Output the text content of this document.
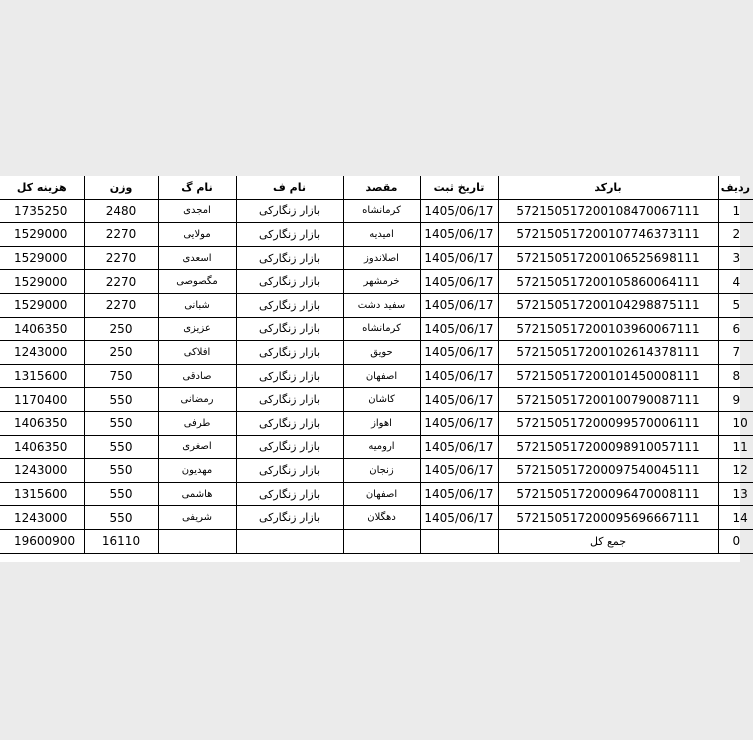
ردیف	بارکد	تاریخ ثبت	مقصد	نام ف	نام گ	وزن	هزینه کل
1	572150517200108470067111	1405/06/17	کرمانشاه	بازار زنگارکی	امجدی	2480	1735250
2	572150517200107746373111	1405/06/17	امیدیه	بازار زنگارکی	مولایی	2270	1529000
3	572150517200106525698111	1405/06/17	اصلاندوز	بازار زنگارکی	اسعدی	2270	1529000
4	572150517200105860064111	1405/06/17	خرمشهر	بازار زنگارکی	مگصوصی	2270	1529000
5	572150517200104298875111	1405/06/17	سفید دشت	بازار زنگارکی	شبانی	2270	1529000
6	572150517200103960067111	1405/06/17	کرمانشاه	بازار زنگارکی	عزیزی	250	1406350
7	572150517200102614378111	1405/06/17	حویق	بازار زنگارکی	افلاکی	250	1243000
8	572150517200101450008111	1405/06/17	اصفهان	بازار زنگارکی	صادقی	750	1315600
9	572150517200100790087111	1405/06/17	کاشان	بازار زنگارکی	رمضانی	550	1170400
10	572150517200099570006111	1405/06/17	اهواز	بازار زنگارکی	طرفی	550	1406350
11	572150517200098910057111	1405/06/17	ارومیه	بازار زنگارکی	اصغری	550	1406350
12	572150517200097540045111	1405/06/17	زنجان	بازار زنگارکی	مهدیون	550	1243000
13	572150517200096470008111	1405/06/17	اصفهان	بازار زنگارکی	هاشمی	550	1315600
14	572150517200095696667111	1405/06/17	دهگلان	بازار زنگارکی	شریفی	550	1243000
0	جمع کل					16110	19600900
